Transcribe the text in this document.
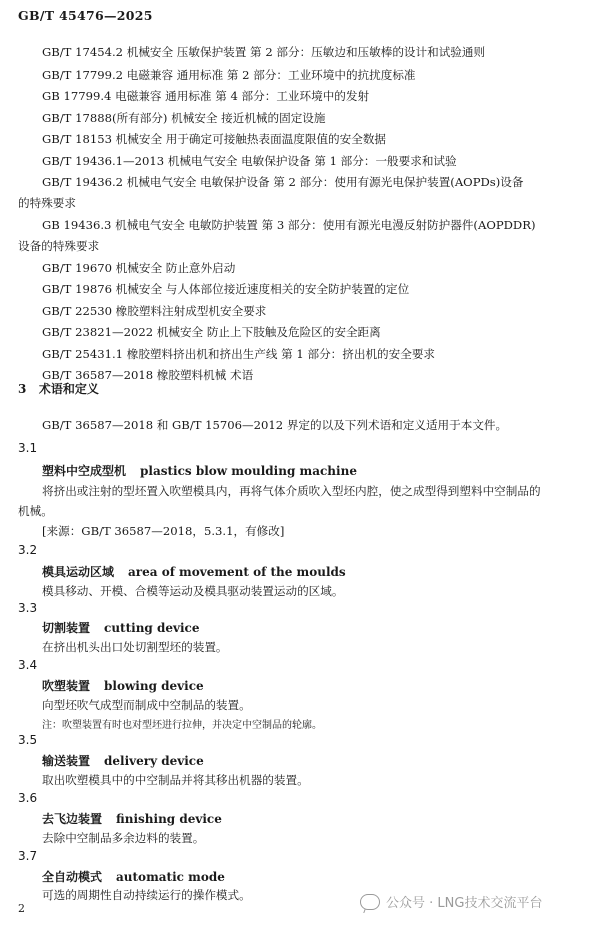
GB/T 45476—2025
GB/T 17454.2 机械安全 压敏保护装置 第 2 部分：压敏边和压敏棒的设计和试验通则
GB/T 17799.2 电磁兼容 通用标准 第 2 部分：工业环境中的抗扰度标准
GB 17799.4 电磁兼容 通用标准 第 4 部分：工业环境中的发射
GB/T 17888(所有部分) 机械安全 接近机械的固定设施
GB/T 18153 机械安全 用于确定可接触热表面温度限值的安全数据
GB/T 19436.1—2013 机械电气安全 电敏保护设备 第 1 部分：一般要求和试验
GB/T 19436.2 机械电气安全 电敏保护设备 第 2 部分：使用有源光电保护装置(AOPDs)设备
的特殊要求
GB 19436.3 机械电气安全 电敏防护装置 第 3 部分：使用有源光电漫反射防护器件(AOPDDR)
设备的特殊要求
GB/T 19670 机械安全 防止意外启动
GB/T 19876 机械安全 与人体部位接近速度相关的安全防护装置的定位
GB/T 22530 橡胶塑料注射成型机安全要求
GB/T 23821—2022 机械安全 防止上下肢触及危险区的安全距离
GB/T 25431.1 橡胶塑料挤出机和挤出生产线 第 1 部分：挤出机的安全要求
GB/T 36587—2018 橡胶塑料机械 术语
3 术语和定义
GB/T 36587—2018 和 GB/T 15706—2012 界定的以及下列术语和定义适用于本文件。
3.1
塑料中空成型机 plastics blow moulding machine
将挤出或注射的型坯置入吹塑模具内，再将气体介质吹入型坯内腔，使之成型得到塑料中空制品的
机械。
[来源：GB/T 36587—2018，5.3.1，有修改]
3.2
模具运动区域 area of movement of the moulds
模具移动、开模、合模等运动及模具驱动装置运动的区域。
3.3
切割装置 cutting device
在挤出机头出口处切割型坯的装置。
3.4
吹塑装置 blowing device
向型坯吹气成型而制成中空制品的装置。
注：吹塑装置有时也对型坯进行拉伸，并决定中空制品的轮廓。
3.5
输送装置 delivery device
取出吹塑模具中的中空制品并将其移出机器的装置。
3.6
去飞边装置 finishing device
去除中空制品多余边料的装置。
3.7
全自动模式 automatic mode
可选的周期性自动持续运行的操作模式。
2	公众号 · LNG技术交流平台
